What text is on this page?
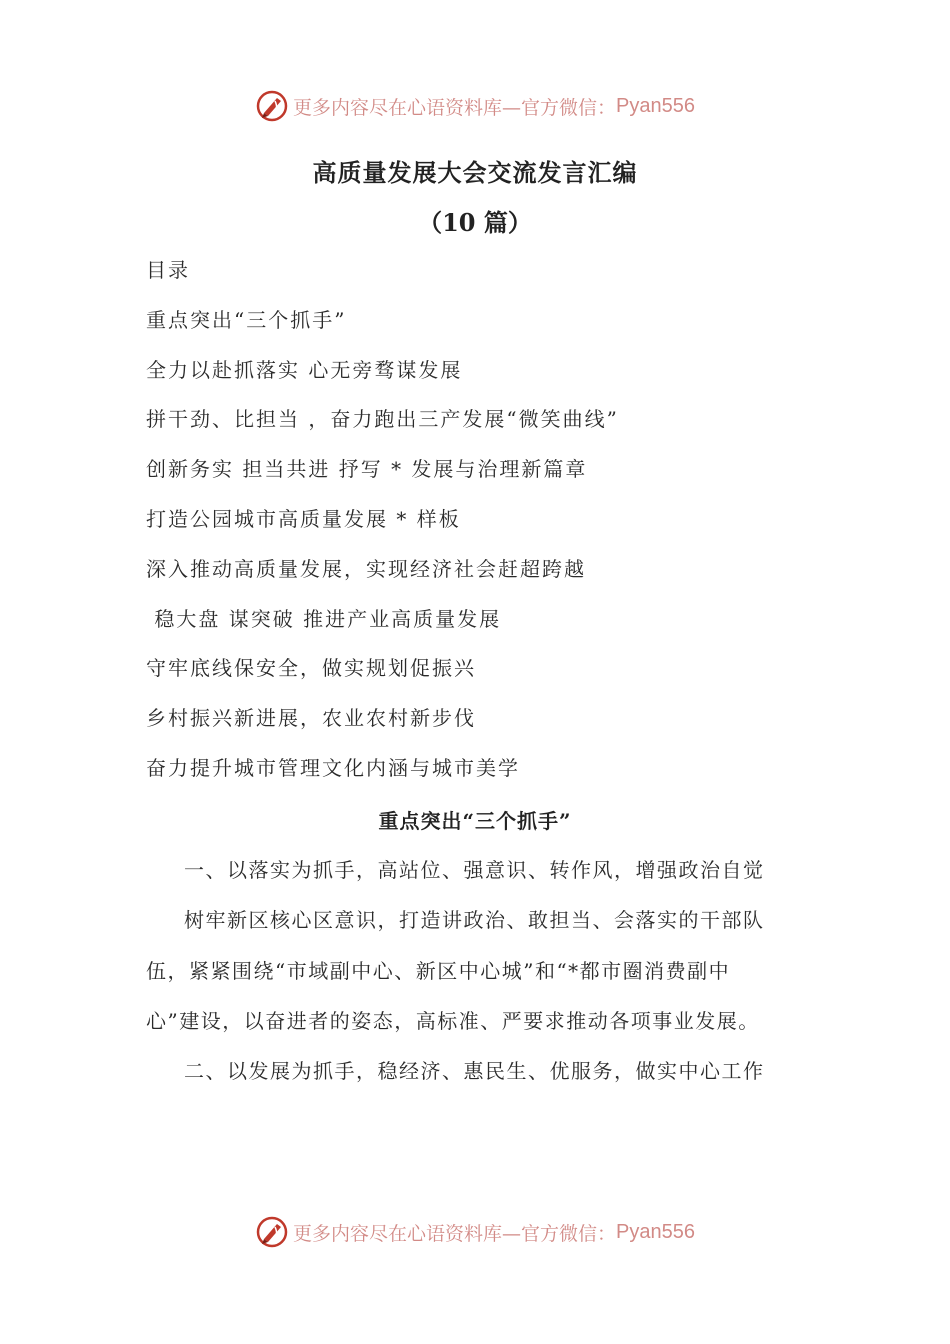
更多内容尽在心语资料库—官方微信： Pyan556
高质量发展大会交流发言汇编
（10 篇）
目录
重点突出“三个抓手”
全力以赴抓落实 心无旁骛谋发展
拼干劲、比担当 ，奋力跑出三产发展“微笑曲线”
创新务实 担当共进 抒写 * 发展与治理新篇章
打造公园城市高质量发展 * 样板
深入推动高质量发展，实现经济社会赶超跨越
稳大盘 谋突破 推进产业高质量发展
守牢底线保安全，做实规划促振兴
乡村振兴新进展，农业农村新步伐
奋力提升城市管理文化内涵与城市美学
重点突出“三个抓手”
一、以落实为抓手，高站位、强意识、转作风，增强政治自觉
树牢新区核心区意识，打造讲政治、敢担当、会落实的干部队
伍，紧紧围绕“市域副中心、新区中心城”和“*都市圈消费副中
心”建设，以奋进者的姿态，高标准、严要求推动各项事业发展。
二、以发展为抓手，稳经济、惠民生、优服务，做实中心工作
更多内容尽在心语资料库—官方微信： Pyan556
